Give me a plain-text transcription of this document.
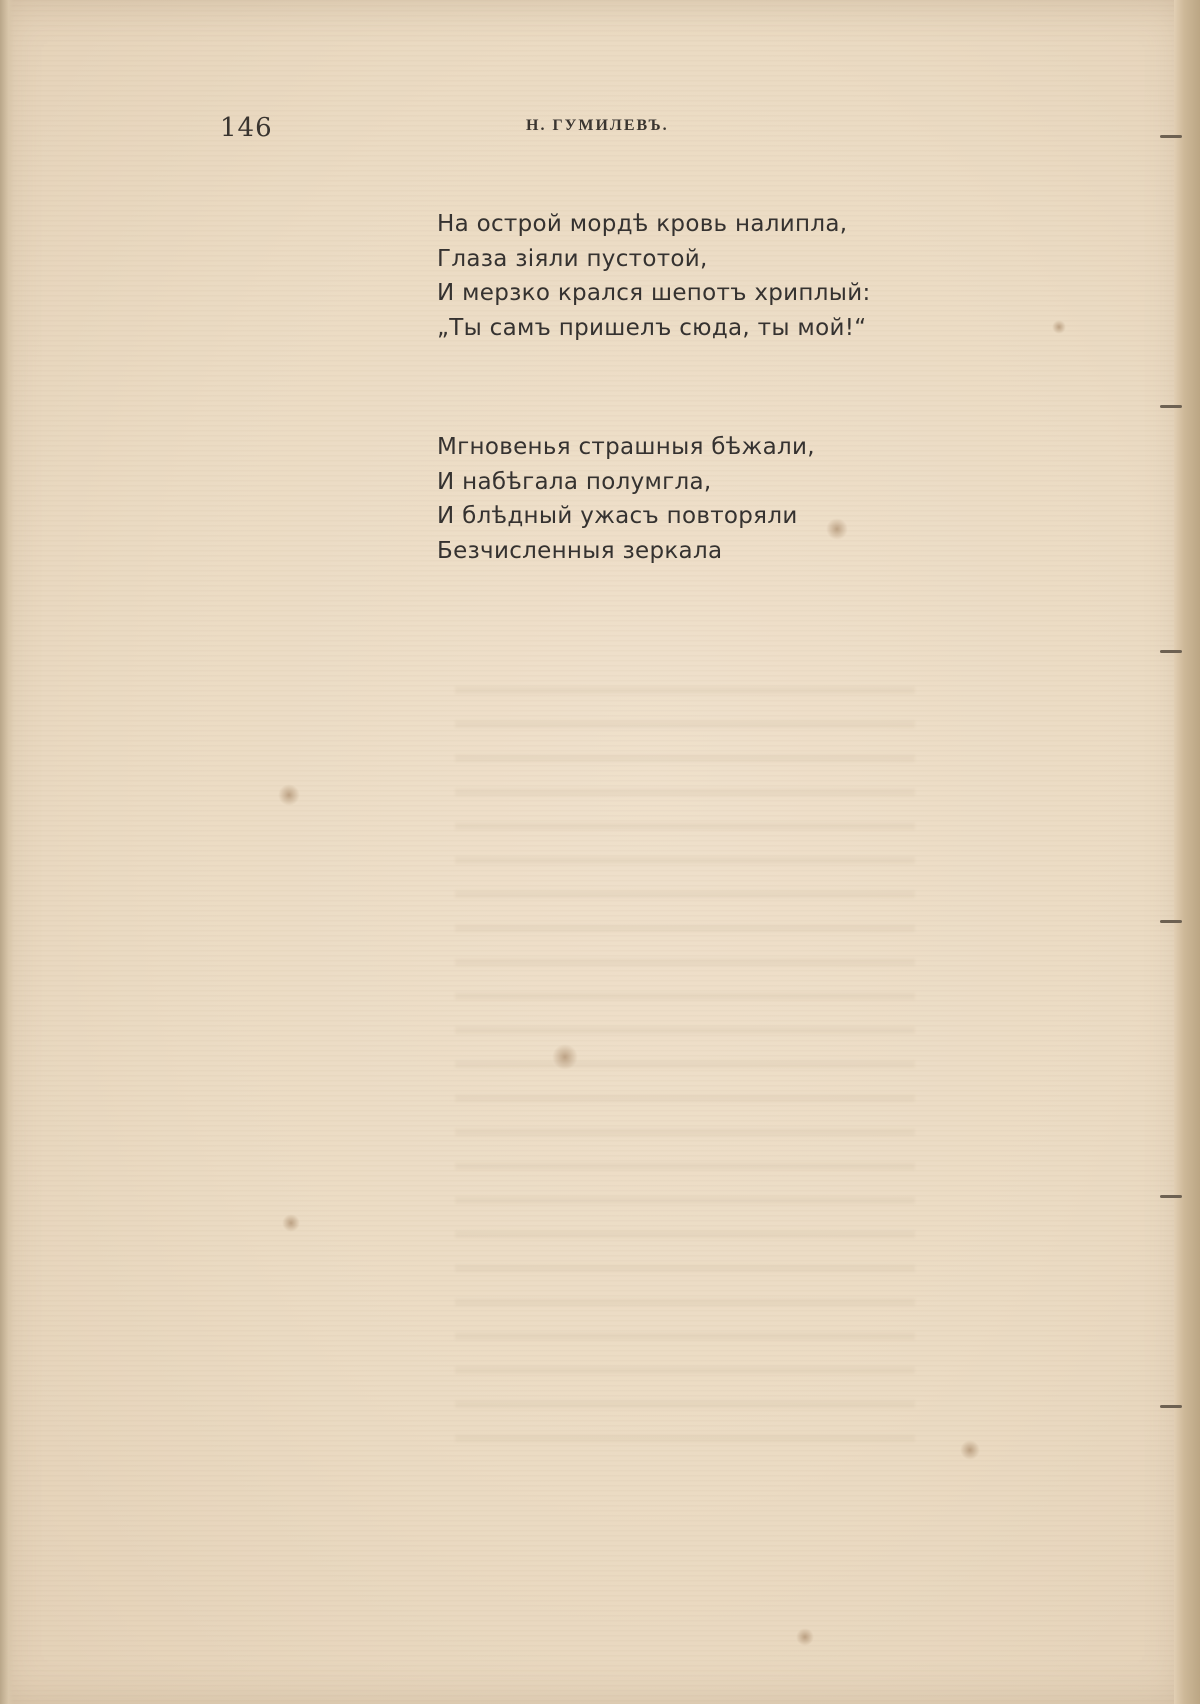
146	Н. ГУМИЛЕВЪ.
На острой мордѣ кровь налипла,
Глаза зіяли пустотой,
И мерзко крался шепотъ хриплый:
„Ты самъ пришелъ сюда, ты мой!“
Мгновенья страшныя бѣжали,
И набѣгала полумгла,
И блѣдный ужасъ повторяли
Безчисленныя зеркала
